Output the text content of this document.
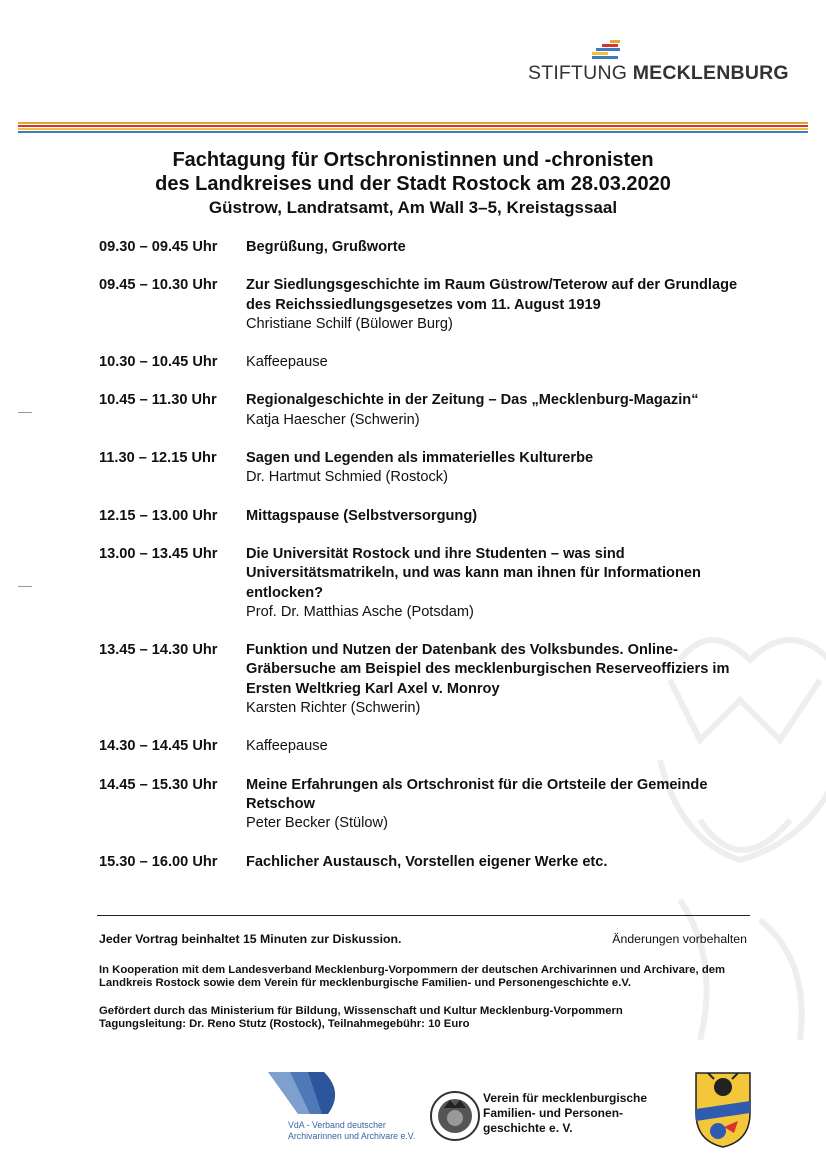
STIFTUNG MECKLENBURG
Fachtagung für Ortschronistinnen und -chronisten
des Landkreises und der Stadt Rostock am 28.03.2020
Güstrow, Landratsamt, Am Wall 3–5, Kreistagssaal
09.30 – 09.45 Uhr	Begrüßung, Grußworte
09.45 – 10.30 Uhr	Zur Siedlungsgeschichte im Raum Güstrow/Teterow auf der Grundlage des Reichssiedlungsgesetzes vom 11. August 1919
Christiane Schilf (Bülower Burg)
10.30 – 10.45 Uhr	Kaffeepause
10.45 – 11.30 Uhr	Regionalgeschichte in der Zeitung – Das „Mecklenburg-Magazin“
Katja Haescher (Schwerin)
11.30 – 12.15 Uhr	Sagen und Legenden als immaterielles Kulturerbe
Dr. Hartmut Schmied (Rostock)
12.15 – 13.00 Uhr	Mittagspause (Selbstversorgung)
13.00 – 13.45 Uhr	Die Universität Rostock und ihre Studenten – was sind Universitätsmatrikeln, und was kann man ihnen für Informationen entlocken?
Prof. Dr. Matthias Asche (Potsdam)
13.45 – 14.30 Uhr	Funktion und Nutzen der Datenbank des Volksbundes. Online-Gräbersuche am Beispiel des mecklenburgischen Reserveoffiziers im Ersten Weltkrieg Karl Axel v. Monroy
Karsten Richter (Schwerin)
14.30 – 14.45 Uhr	Kaffeepause
14.45 – 15.30 Uhr	Meine Erfahrungen als Ortschronist für die Ortsteile der Gemeinde Retschow
Peter Becker (Stülow)
15.30 – 16.00 Uhr	Fachlicher Austausch, Vorstellen eigener Werke etc.
Jeder Vortrag beinhaltet 15 Minuten zur Diskussion.	Änderungen vorbehalten
In Kooperation mit dem Landesverband Mecklenburg-Vorpommern der deutschen Archivarinnen und Archivare, dem Landkreis Rostock sowie dem Verein für mecklenburgische Familien- und Personengeschichte e.V.
Gefördert durch das Ministerium für Bildung, Wissenschaft und Kultur Mecklenburg-Vorpommern
Tagungsleitung: Dr. Reno Stutz (Rostock), Teilnahmegebühr: 10 Euro
VdA - Verband deutscher
Archivarinnen und Archivare e.V.
Verein für mecklenburgische
Familien- und Personen-
geschichte e. V.
